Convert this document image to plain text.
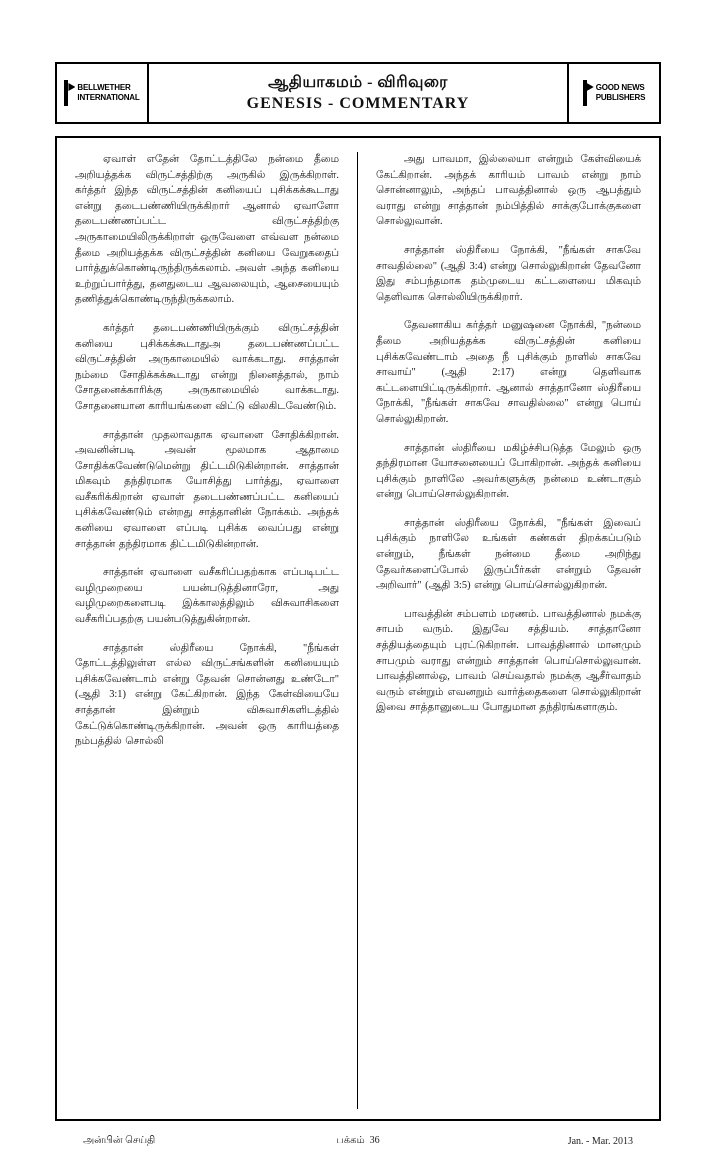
BELLWETHER
INTERNATIONAL
ஆதியாகமம் - விரிவுரை
GENESIS - COMMENTARY
GOOD NEWS
PUBLISHERS

ஏவாள் எதேன் தோட்டத்திலே நன்மை தீமை அறியத்தக்க விருட்சத்திற்கு அருகில் இருக்கிறாள். கர்த்தர் இந்த விருட்சத்தின் கனியைப் புசிக்கக்கூடாது என்று தடைபண்ணியிருக்கிறார் ஆனால் ஏவாளோ தடைபண்ணப்பட்ட விருட்சத்திற்கு அருகாமையிலிருக்கிறாள் ஒருவேளை எவ்வள நன்மை தீமை அறியத்தக்க விருட்சத்தின் கனியை வேறுகதைப் பார்த்துக்கொண்டிருந்திருக்கலாம். அவள் அந்த கனியை உற்றுப்பார்த்து, தனதுடைய ஆவலையும், ஆசையையும் தணித்துக்கொண்டிருந்திருக்கலாம்.

கர்த்தர் தடைபண்ணியிருக்கும் விருட்சத்தின் கனியை புசிக்கக்கூடாதுஅ தடைபண்ணப்பட்ட விருட்சத்தின் அருகாமையில் வாக்கடாது. சாத்தான் நம்மை சோதிக்கக்கூடாது என்று நினைத்தால், நாம் சோதனைக்காரிக்கு அருகாமையில் வாக்கடாது. சோதனையான காரியங்களை விட்டு விலகிடவேண்டும்.

சாத்தான் முதலாவதாக ஏவாளை சோதிக்கிறான். அவனின்படி அவன் மூலமாக ஆதாமை சோதிக்கவேண்டுமென்று திட்டமிடுகின்றான். சாத்தான் மிகவும் தந்திரமாக யோசித்து பார்த்து, ஏவாளை வசீகரிக்கிறான் ஏவாள் தடைபண்ணப்பட்ட கனியைப் புசிக்கவேண்டும் என்றது சாத்தானின் நோக்கம். அந்தக் கனியை ஏவாளை எப்படி புசிக்க வைப்பது என்று சாத்தான் தந்திரமாக திட்டமிடுகின்றான்.

சாத்தான் ஏவாளை வசீகரிப்பதற்காக எப்படிபட்ட வழிமுறையை பயன்படுத்தினாரோ, அது வழிமுறைகளைபடி இக்காலத்திலும் விசுவாசிகளை வசீகரிப்பதற்கு பயன்படுத்துகின்றான்.

சாத்தான் ஸ்திரீயை நோக்கி, "நீங்கள் தோட்டத்திலுள்ள எல்ல விருட்சங்களின் கனியையும் புசிக்கவேண்டாம் என்று தேவன் சொன்னது உண்டோ" (ஆதி 3:1) என்று கேட்கிறான். இந்த கேள்வியையே சாத்தான் இன்றும் விசுவாசிகளிடத்தில் கேட்டுக்கொண்டிருக்கிறான். அவன் ஒரு காரியத்தை நம்பத்தில் சொல்லி

அது பாவமா, இல்லையா என்றும் கேள்வியைக் கேட்கிறான். அந்தக் காரியம் பாவம் என்று நாம் சொன்னாலும், அந்தப் பாவத்தினால் ஒரு ஆபத்தும் வராது என்று சாத்தான் நம்பித்தில் சாக்குபோக்குகளை சொல்லுவான்.

சாத்தான் ஸ்திரீயை நோக்கி, "நீங்கள் சாகவே சாவதில்லை" (ஆதி 3:4) என்று சொல்லுகிறான் தேவனோ இது சம்பந்தமாக தம்முடைய கட்டளையை மிகவும் தெளிவாக சொல்லியிருக்கிறார்.

தேவனாகிய கர்த்தர் மனுஷனை நோக்கி, "நன்மை தீமை அறியத்தக்க விருட்சத்தின் கனியை புசிக்கவேண்டாம் அதை நீ புசிக்கும் நாளில் சாகவே சாவாய்" (ஆதி 2:17) என்று தெளிவாக கட்டளையிட்டிருக்கிறார். ஆனால் சாத்தானோ ஸ்திரீயை நோக்கி, "நீங்கள் சாகவே சாவதில்லை" என்று பொய் சொல்லுகிறான்.

சாத்தான் ஸ்திரீயை மகிழ்ச்சிபடுத்த மேலும் ஒரு தந்திரமான யோசனையைப் போகிறான். அந்தக் கனியை புசிக்கும் நாளிலே அவர்களுக்கு நன்மை உண்டாகும் என்று பொய்சொல்லுகிறான்.

சாத்தான் ஸ்திரீயை நோக்கி, "நீங்கள் இவைப் புசிக்கும் நாளிலே உங்கள் கண்கள் திறக்கப்படும் என்றும், நீங்கள் நன்மை தீமை அறிந்து தேவர்களைப்போல் இருப்பீர்கள் என்றும் தேவன் அறிவார்" (ஆதி 3:5) என்று பொய்சொல்லுகிறான்.

பாவத்தின் சம்பளம் மரணம். பாவத்தினால் நமக்கு சாபம் வரும். இதுவே சத்தியம். சாத்தானோ சத்தியத்தையும் புரட்டுகிறான். பாவத்தினால் மானமும் சாபமும் வராது என்றும் சாத்தான் பொய்சொல்லுவான். பாவத்தினால்ஒ, பாவம் செய்வதால் நமக்கு ஆசீர்வாதம் வரும் என்றும் எவனறும் வார்த்தைகளை சொல்லுகிறான் இவை சாத்தானுடைய போதுமான தந்திரங்களாகும்.

அன்பின் செய்தி	பக்கம் 36	Jan. - Mar. 2013
